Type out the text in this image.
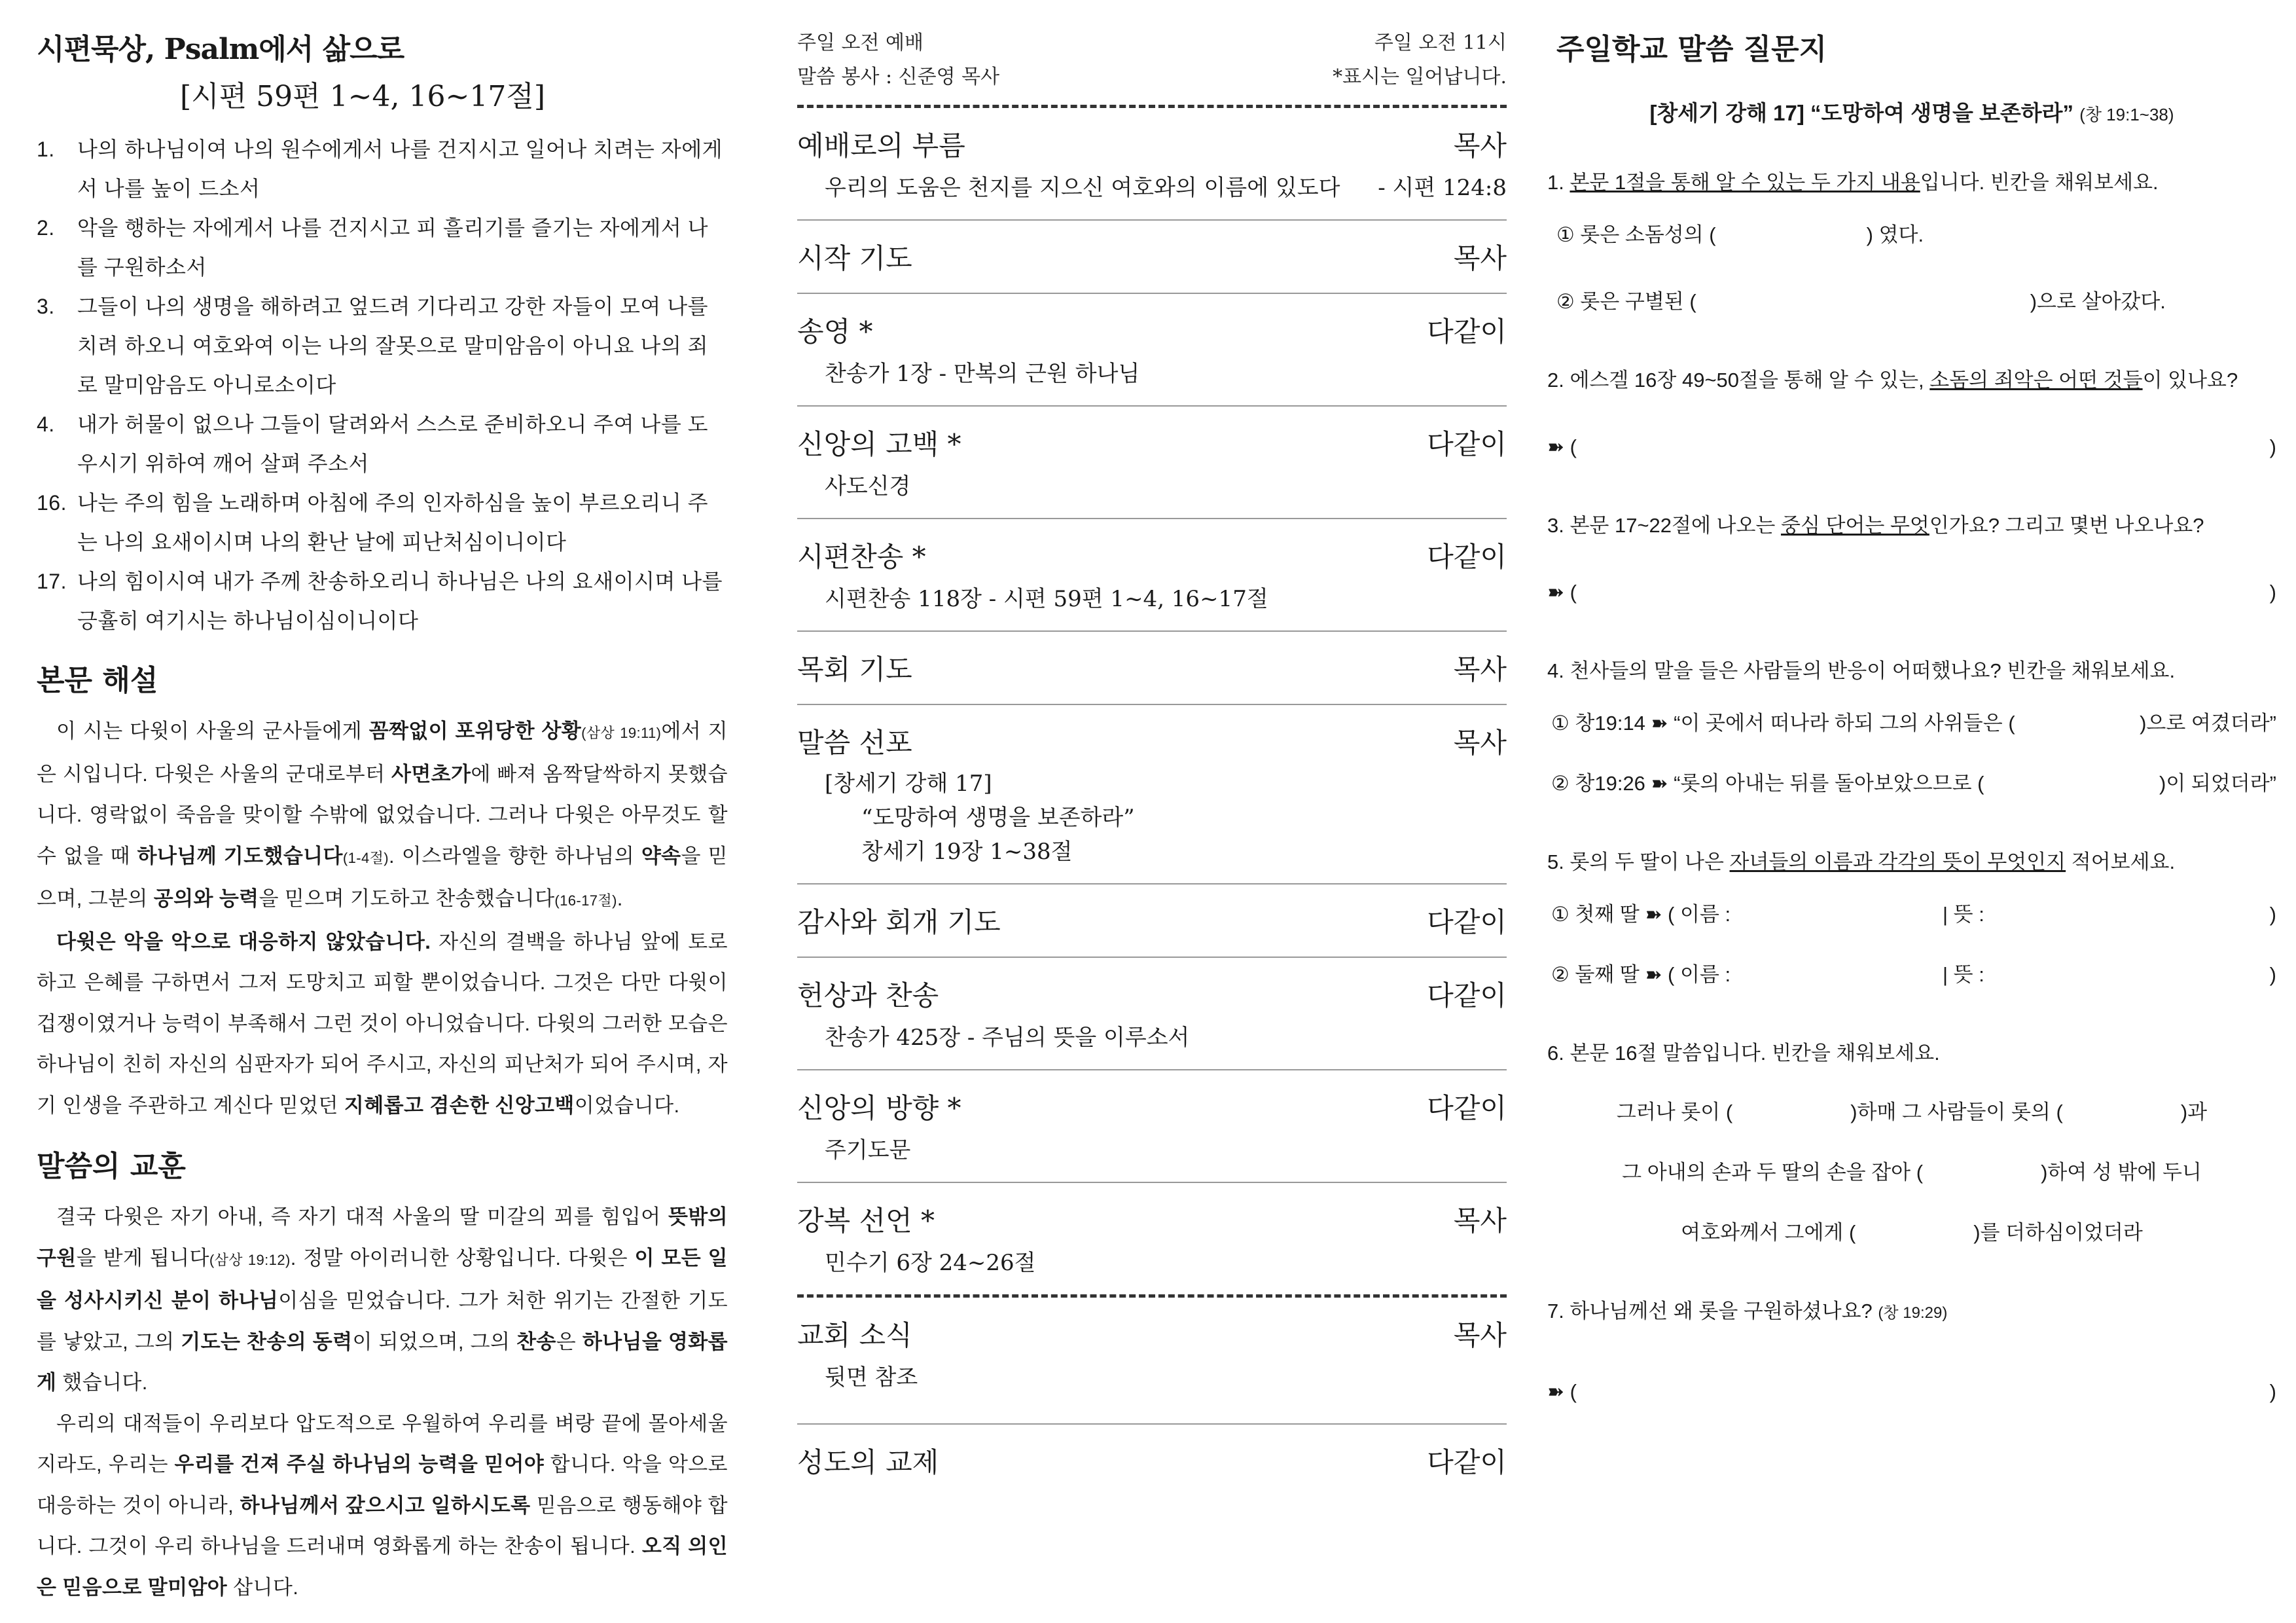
시편묵상, Psalm에서 삶으로
[시편 59편 1~4, 16~17절]
1.	나의 하나님이여 나의 원수에게서 나를 건지시고 일어나 치려는 자에게서 나를 높이 드소서
2.	악을 행하는 자에게서 나를 건지시고 피 흘리기를 즐기는 자에게서 나를 구원하소서
3.	그들이 나의 생명을 해하려고 엎드려 기다리고 강한 자들이 모여 나를 치려 하오니 여호와여 이는 나의 잘못으로 말미암음이 아니요 나의 죄로 말미암음도 아니로소이다
4.	내가 허물이 없으나 그들이 달려와서 스스로 준비하오니 주여 나를 도우시기 위하여 깨어 살펴 주소서
16. 나는 주의 힘을 노래하며 아침에 주의 인자하심을 높이 부르오리니 주는 나의 요새이시며 나의 환난 날에 피난처심이니이다
17. 나의 힘이시여 내가 주께 찬송하오리니 하나님은 나의 요새이시며 나를 긍휼히 여기시는 하나님이심이니이다
본문 해설

이 시는 다윗이 사울의 군사들에게 꼼짝없이 포위당한 상황(삼상 19:11)에서 지은 시입니다. 다윗은 사울의 군대로부터 사면초가에 빠져 옴짝달싹하지 못했습니다. 영락없이 죽음을 맞이할 수밖에 없었습니다. 그러나 다윗은 아무것도 할 수 없을 때 하나님께 기도했습니다(1-4절). 이스라엘을 향한 하나님의 약속을 믿으며, 그분의 공의와 능력을 믿으며 기도하고 찬송했습니다(16-17절).

다윗은 악을 악으로 대응하지 않았습니다. 자신의 결백을 하나님 앞에 토로하고 은혜를 구하면서 그저 도망치고 피할 뿐이었습니다. 그것은 다만 다윗이 겁쟁이였거나 능력이 부족해서 그런 것이 아니었습니다. 다윗의 그러한 모습은 하나님이 친히 자신의 심판자가 되어 주시고, 자신의 피난처가 되어 주시며, 자기 인생을 주관하고 계신다 믿었던 지혜롭고 겸손한 신앙고백이었습니다.

말씀의 교훈

결국 다윗은 자기 아내, 즉 자기 대적 사울의 딸 미갈의 꾀를 힘입어 뜻밖의 구원을 받게 됩니다(삼상 19:12). 정말 아이러니한 상황입니다. 다윗은 이 모든 일을 성사시키신 분이 하나님이심을 믿었습니다. 그가 처한 위기는 간절한 기도를 낳았고, 그의 기도는 찬송의 동력이 되었으며, 그의 찬송은 하나님을 영화롭게 했습니다.

우리의 대적들이 우리보다 압도적으로 우월하여 우리를 벼랑 끝에 몰아세울지라도, 우리는 우리를 건져 주실 하나님의 능력을 믿어야 합니다. 악을 악으로 대응하는 것이 아니라, 하나님께서 갚으시고 일하시도록 믿음으로 행동해야 합니다. 그것이 우리 하나님을 드러내며 영화롭게 하는 찬송이 됩니다. 오직 의인은 믿음으로 말미암아 삽니다.

주일 오전 예배	주일 오전 11시
말씀 봉사 : 신준영 목사	*표시는 일어납니다.
예배로의 부름	목사
우리의 도움은 천지를 지으신 여호와의 이름에 있도다 - 시편 124:8
시작 기도	목사
송영 *	다같이
찬송가 1장 - 만복의 근원 하나님
신앙의 고백 *	다같이
사도신경
시편찬송 *	다같이
시편찬송 118장 - 시편 59편 1~4, 16~17절
목회 기도	목사
말씀 선포	목사
[창세기 강해 17]
“도망하여 생명을 보존하라”
창세기 19장 1~38절
감사와 회개 기도	다같이
헌상과 찬송	다같이
찬송가 425장 - 주님의 뜻을 이루소서
신앙의 방향 *	다같이
주기도문
강복 선언 *	목사
민수기 6장 24~26절
교회 소식	목사
뒷면 참조
성도의 교제	다같이
주일학교 말씀 질문지
[창세기 강해 17] “도망하여 생명을 보존하라” (창 19:1~38)

1. 본문 1절을 통해 알 수 있는 두 가지 내용입니다. 빈칸을 채워보세요.

① 롯은 소돔성의 (	) 였다.
② 롯은 구별된 (	)으로 살아갔다.

2. 에스겔 16장 49~50절을 통해 알 수 있는, 소돔의 죄악은 어떤 것들이 있나요?

➽ (	)

3. 본문 17~22절에 나오는 중심 단어는 무엇인가요? 그리고 몇번 나오나요?

➽ (	)

4. 천사들의 말을 들은 사람들의 반응이 어떠했나요? 빈칸을 채워보세요.

① 창19:14 ➽ “이 곳에서 떠나라 하되 그의 사위들은 (	)으로 여겼더라”
② 창19:26 ➽ “롯의 아내는 뒤를 돌아보았으므로 (	)이 되었더라”

5. 롯의 두 딸이 나은 자녀들의 이름과 각각의 뜻이 무엇인지 적어보세요.

① 첫째 딸 ➽ ( 이름 :	| 뜻 :	)
② 둘째 딸 ➽ ( 이름 :	| 뜻 :	)

6. 본문 16절 말씀입니다. 빈칸을 채워보세요.

그러나 롯이 (	)하매 그 사람들이 롯의 (	)과
그 아내의 손과 두 딸의 손을 잡아 (	)하여 성 밖에 두니
여호와께서 그에게 (	)를 더하심이었더라

7. 하나님께선 왜 롯을 구원하셨나요? (창 19:29)

➽ (	)
